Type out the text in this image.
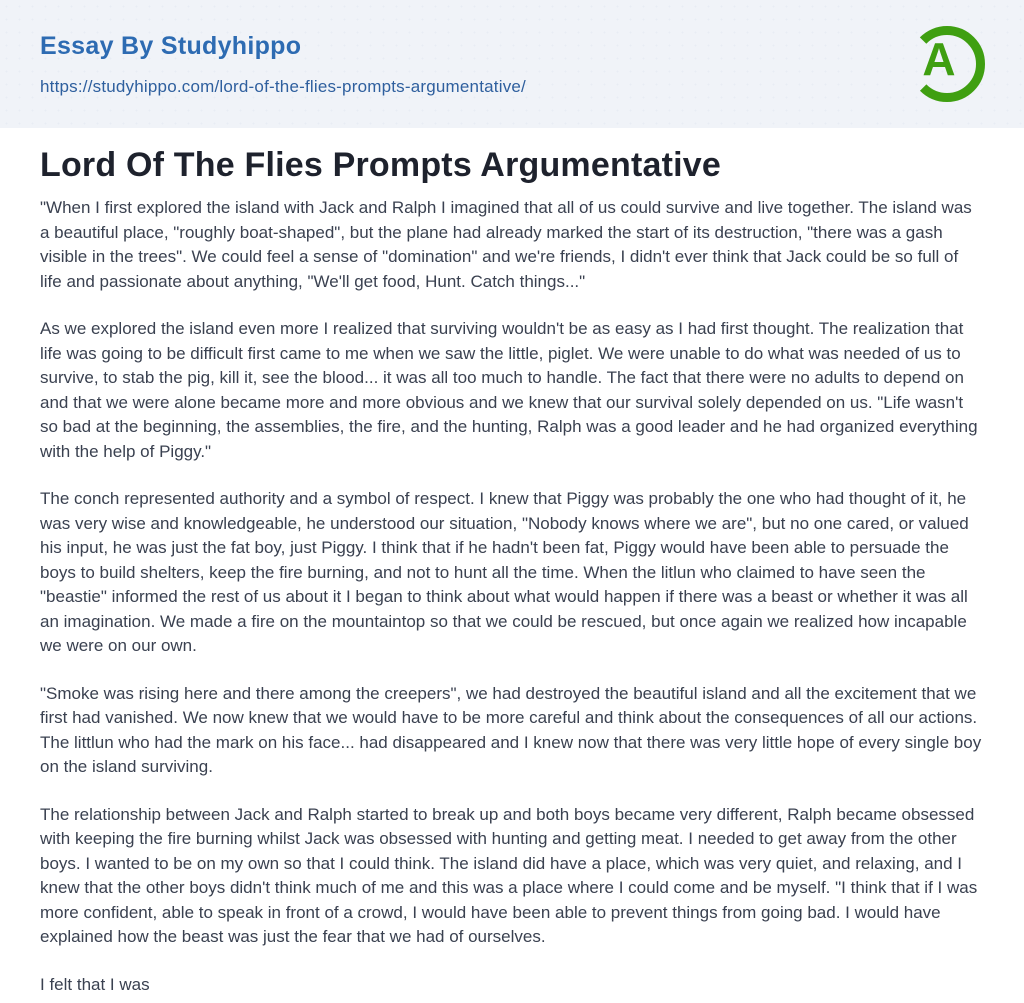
Essay By Studyhippo
https://studyhippo.com/lord-of-the-flies-prompts-argumentative/
A
Lord Of The Flies Prompts Argumentative

"When I first explored the island with Jack and Ralph I imagined that all of us could survive and live together. The island was a beautiful place, "roughly boat-shaped", but the plane had already marked the start of its destruction, "there was a gash visible in the trees". We could feel a sense of "domination" and we're friends, I didn't ever think that Jack could be so full of life and passionate about anything, "We'll get food, Hunt. Catch things..."

As we explored the island even more I realized that surviving wouldn't be as easy as I had first thought. The realization that life was going to be difficult first came to me when we saw the little, piglet. We were unable to do what was needed of us to survive, to stab the pig, kill it, see the blood... it was all too much to handle. The fact that there were no adults to depend on and that we were alone became more and more obvious and we knew that our survival solely depended on us. "Life wasn't so bad at the beginning, the assemblies, the fire, and the hunting, Ralph was a good leader and he had organized everything with the help of Piggy."

The conch represented authority and a symbol of respect. I knew that Piggy was probably the one who had thought of it, he was very wise and knowledgeable, he understood our situation, "Nobody knows where we are", but no one cared, or valued his input, he was just the fat boy, just Piggy. I think that if he hadn't been fat, Piggy would have been able to persuade the boys to build shelters, keep the fire burning, and not to hunt all the time. When the litlun who claimed to have seen the "beastie" informed the rest of us about it I began to think about what would happen if there was a beast or whether it was all an imagination. We made a fire on the mountaintop so that we could be rescued, but once again we realized how incapable we were on our own.

"Smoke was rising here and there among the creepers", we had destroyed the beautiful island and all the excitement that we first had vanished. We now knew that we would have to be more careful and think about the consequences of all our actions. The littlun who had the mark on his face... had disappeared and I knew now that there was very little hope of every single boy on the island surviving.

The relationship between Jack and Ralph started to break up and both boys became very different, Ralph became obsessed with keeping the fire burning whilst Jack was obsessed with hunting and getting meat. I needed to get away from the other boys. I wanted to be on my own so that I could think. The island did have a place, which was very quiet, and relaxing, and I knew that the other boys didn't think much of me and this was a place where I could come and be myself. "I think that if I was more confident, able to speak in front of a crowd, I would have been able to prevent things from going bad. I would have explained how the beast was just the fear that we had of ourselves.

I felt that I was
